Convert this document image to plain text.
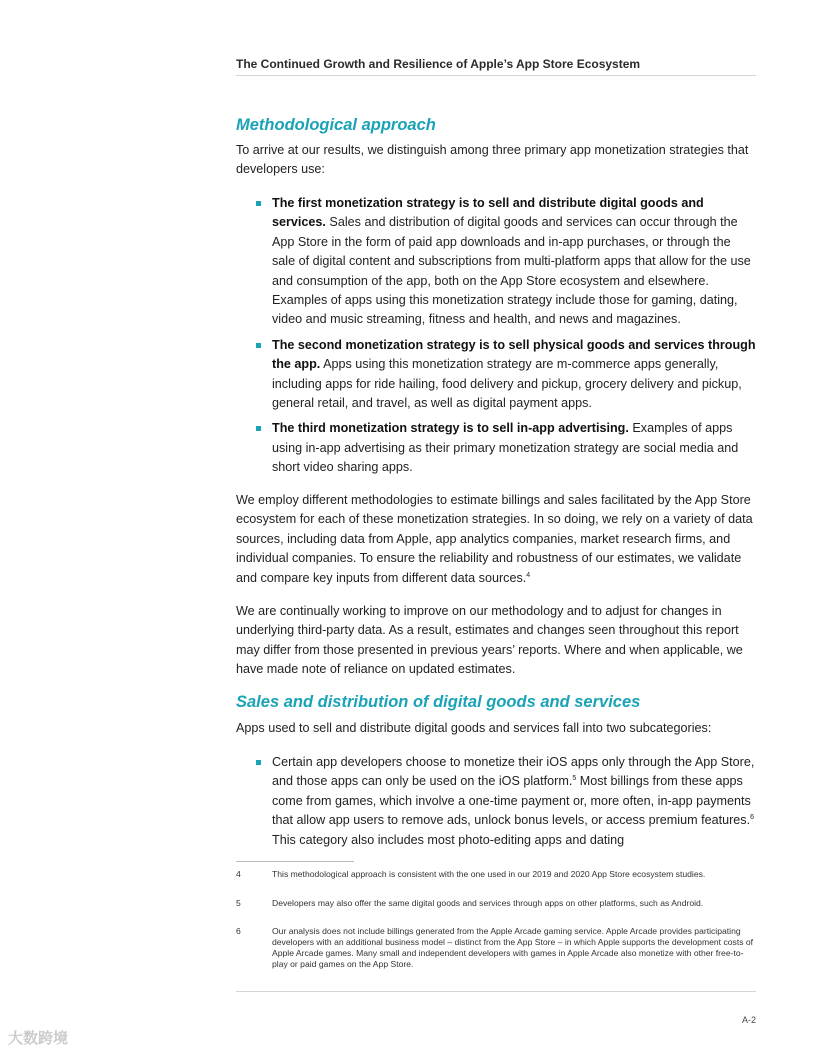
The Continued Growth and Resilience of Apple’s App Store Ecosystem
Methodological approach

To arrive at our results, we distinguish among three primary app monetization strategies that developers use:

The first monetization strategy is to sell and distribute digital goods and services. Sales and distribution of digital goods and services can occur through the App Store in the form of paid app downloads and in-app purchases, or through the sale of digital content and subscriptions from multi-platform apps that allow for the use and consumption of the app, both on the App Store ecosystem and elsewhere. Examples of apps using this monetization strategy include those for gaming, dating, video and music streaming, fitness and health, and news and magazines.
The second monetization strategy is to sell physical goods and services through the app. Apps using this monetization strategy are m-commerce apps generally, including apps for ride hailing, food delivery and pickup, grocery delivery and pickup, general retail, and travel, as well as digital payment apps.
The third monetization strategy is to sell in-app advertising. Examples of apps using in-app advertising as their primary monetization strategy are social media and short video sharing apps.

We employ different methodologies to estimate billings and sales facilitated by the App Store ecosystem for each of these monetization strategies. In so doing, we rely on a variety of data sources, including data from Apple, app analytics companies, market research firms, and individual companies. To ensure the reliability and robustness of our estimates, we validate and compare key inputs from different data sources.$^4$

We are continually working to improve on our methodology and to adjust for changes in underlying third-party data. As a result, estimates and changes seen throughout this report may differ from those presented in previous years’ reports. Where and when applicable, we have made note of reliance on updated estimates.

Sales and distribution of digital goods and services

Apps used to sell and distribute digital goods and services fall into two subcategories:

Certain app developers choose to monetize their iOS apps only through the App Store, and those apps can only be used on the iOS platform.$^5$ Most billings from these apps come from games, which involve a one-time payment or, more often, in-app payments that allow app users to remove ads, unlock bonus levels, or access premium features.$^6$ This category also includes most photo-editing apps and dating
4	This methodological approach is consistent with the one used in our 2019 and 2020 App Store ecosystem studies.
5	Developers may also offer the same digital goods and services through apps on other platforms, such as Android.
6	Our analysis does not include billings generated from the Apple Arcade gaming service. Apple Arcade provides participating developers with an additional business model – distinct from the App Store – in which Apple supports the development costs of Apple Arcade games. Many small and independent developers with games in Apple Arcade also monetize with other free-to-play or paid games on the App Store.
A-2
大数跨境
